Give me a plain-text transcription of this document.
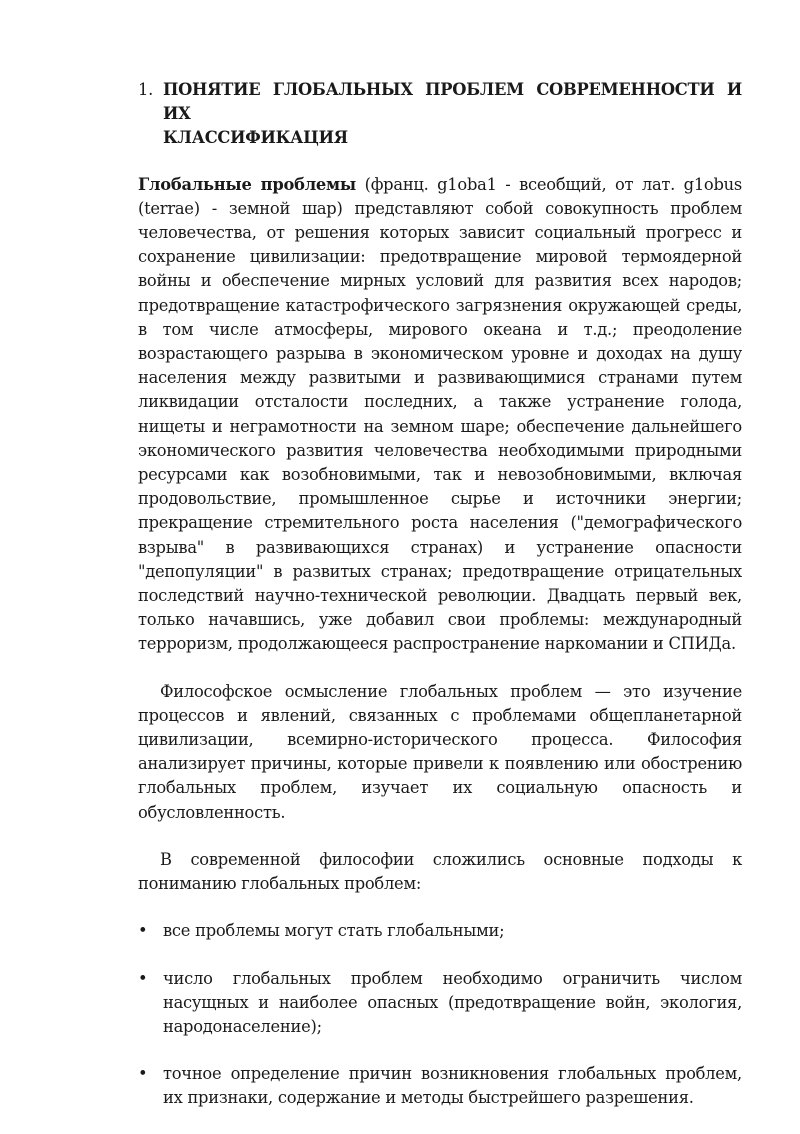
1. ПОНЯТИЕ ГЛОБАЛЬНЫХ ПРОБЛЕМ СОВРЕМЕННОСТИ И ИХ
КЛАССИФИКАЦИЯ

Глобальные проблемы (франц. g1oba1 - всеобщий, от лат. g1obus (terrae) - земной шар) представляют собой совокупность проблем человечества, от решения которых зависит социальный прогресс и сохранение цивилизации: предотвращение мировой термоядерной войны и обеспечение мирных условий для развития всех народов; предотвращение катастрофического загрязнения окружающей среды, в том числе атмосферы, мирового океана и т.д.; преодоление возрастающего разрыва в экономическом уровне и доходах на душу населения между развитыми и развивающимися странами путем ликвидации отсталости последних, а также устранение голода, нищеты и неграмотности на земном шаре; обеспечение дальнейшего экономического развития человечества необходимыми природными ресурсами как возобновимыми, так и невозобновимыми, включая продовольствие, промышленное сырье и источники энергии; прекращение стремительного роста населения ("демографического взрыва" в развивающихся странах) и устранение опасности "депопуляции" в развитых странах; предотвращение отрицательных последствий научно-технической революции. Двадцать первый век, только начавшись, уже добавил свои проблемы: международный терроризм, продолжающееся распространение наркомании и СПИДа.

Философское осмысление глобальных проблем — это изучение процессов и явлений, связанных с проблемами общепланетарной цивилизации, всемирно-исторического процесса. Философия анализирует причины, которые привели к появлению или обострению глобальных проблем, изучает их социальную опасность и обусловленность.

В современной философии сложились основные подходы к пониманию глобальных проблем:

• все проблемы могут стать глобальными;
• число глобальных проблем необходимо ограничить числом насущных и наиболее опасных (предотвращение войн, экология, народонаселение);
• точное определение причин возникновения глобальных проблем, их признаки, содержание и методы быстрейшего разрешения.
